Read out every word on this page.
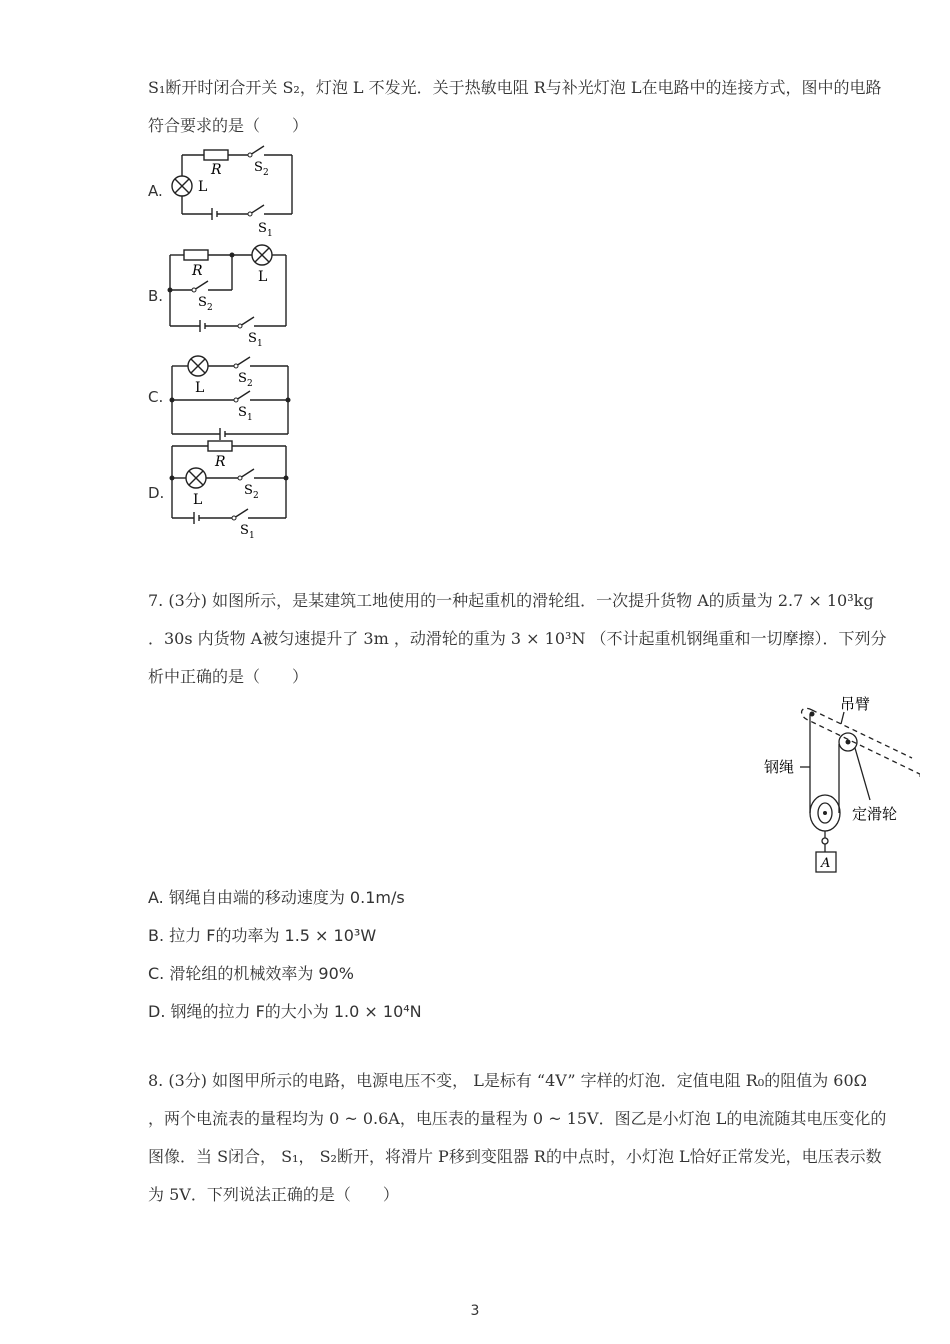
S₁断开时闭合开关 S₂，灯泡 L 不发光．关于热敏电阻 R与补光灯泡 L在电路中的连接方式，图中的电路
符合要求的是（　　）
A.
R
L
S 2
S 1
B.
R	L
S 2
S 1
C. L
S 2
S 1
D.
R
L
S 2
S 1
7. (3分) 如图所示，是某建筑工地使用的一种起重机的滑轮组．一次提升货物 A的质量为 2.7 × 10³kg
．30s 内货物 A被匀速提升了 3m ，动滑轮的重为 3 × 10³N （不计起重机钢绳重和一切摩擦）．下列分
析中正确的是（　　）
吊臂
钢绳
定滑轮
A
A. 钢绳自由端的移动速度为 0.1m/s
B. 拉力 F的功率为 1.5 × 10³W
C. 滑轮组的机械效率为 90%
D. 钢绳的拉力 F的大小为 1.0 × 10⁴N
8. (3分) 如图甲所示的电路，电源电压不变， L是标有 “4V” 字样的灯泡．定值电阻 R₀的阻值为 60Ω
，两个电流表的量程均为 0 ~ 0.6A，电压表的量程为 0 ~ 15V．图乙是小灯泡 L的电流随其电压变化的
图像．当 S闭合， S₁， S₂断开，将滑片 P移到变阻器 R的中点时，小灯泡 L恰好正常发光，电压表示数
为 5V．下列说法正确的是（　　）
3
